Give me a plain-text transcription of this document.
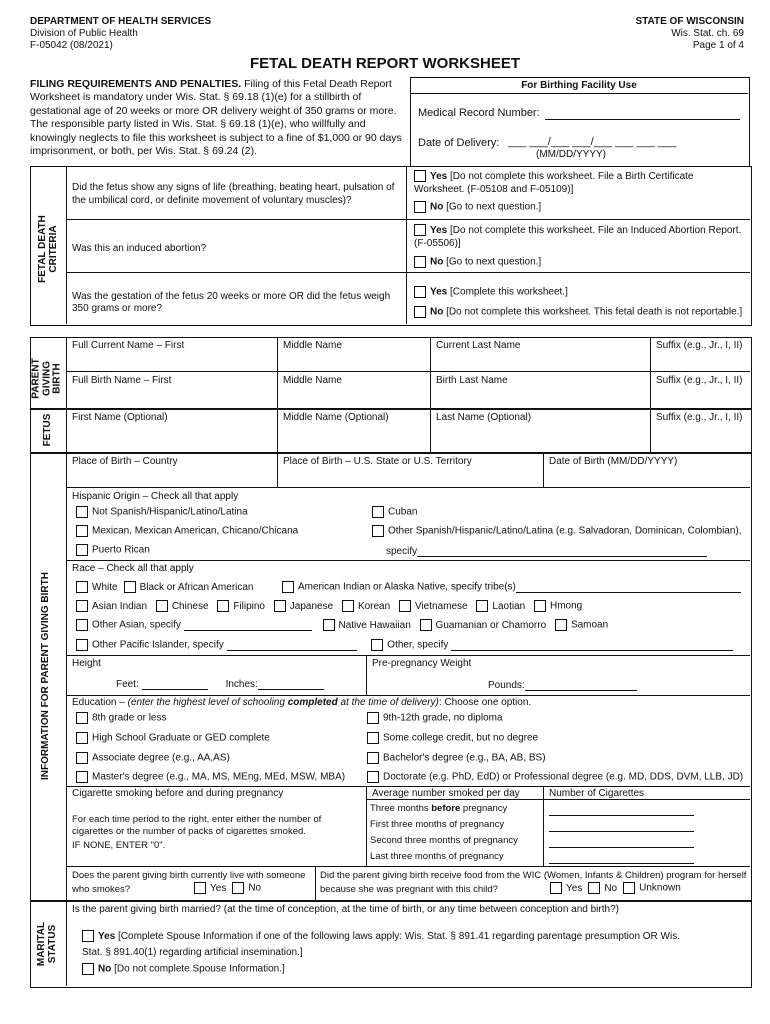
DEPARTMENT OF HEALTH SERVICES
Division of Public Health
F-05042 (08/2021)
STATE OF WISCONSIN
Wis. Stat. ch. 69
Page 1 of 4
FETAL DEATH REPORT WORKSHEET
FILING REQUIREMENTS AND PENALTIES. Filing of this Fetal Death Report Worksheet is mandatory under Wis. Stat. § 69.18 (1)(e) for a stillbirth of gestational age of 20 weeks or more OR delivery weight of 350 grams or more. The responsible party listed in Wis. Stat. § 69.18 (1)(e), who willfully and knowingly neglects to file this worksheet is subject to a fine of $1,000 or 90 days imprisonment, or both, per Wis. Stat. § 69.24 (2).
For Birthing Facility Use
Medical Record Number:
Date of Delivery: ___ ___/___ ___/___ ___ ___ ___
(MM/DD/YYYY)
FETAL DEATH
CRITERIA
Did the fetus show any signs of life (breathing, beating heart, pulsation of the umbilical cord, or definite movement of voluntary muscles)?
Yes [Do not complete this worksheet. File a Birth Certificate Worksheet. (F-05108 and F-05109)]
No [Go to next question.]
Was this an induced abortion?
Yes [Do not complete this worksheet. File an Induced Abortion Report. (F-05506)]
No [Go to next question.]
Was the gestation of the fetus 20 weeks or more OR did the fetus weigh 350 grams or more?
Yes [Complete this worksheet.]
No [Do not complete this worksheet. This fetal death is not reportable.]
PARENT
GIVING
BIRTH
Full Current Name – First	Middle Name	Current Last Name	Suffix (e.g., Jr., I, II)
Full Birth Name – First	Middle Name	Birth Last Name	Suffix (e.g., Jr., I, II)
FETUS First Name (Optional)	Middle Name (Optional)	Last Name (Optional)	Suffix (e.g., Jr., I, II)
INFORMATION FOR PARENT GIVING BIRTH
Place of Birth – Country	Place of Birth – U.S. State or U.S. Territory	Date of Birth (MM/DD/YYYY)
Hispanic Origin – Check all that apply
Not Spanish/Hispanic/Latino/Latina	Cuban
Mexican, Mexican American, Chicano/Chicana	Other Spanish/Hispanic/Latino/Latina (e.g. Salvadoran, Dominican, Colombian),
Puerto Rican	specify
Race – Check all that apply
White Black or African American	American Indian or Alaska Native, specify tribe(s)
Asian Indian Chinese Filipino Japanese Korean Vietnamese Laotian Hmong
Other Asian, specify	Native Hawaiian Guamanian or Chamorro Samoan
Other Pacific Islander, specify	Other, specify
Height
Feet:	Inches:
Pre-pregnancy Weight
Pounds:
Education – (enter the highest level of schooling completed at the time of delivery): Choose one option.
8th grade or less	9th-12th grade, no diploma
High School Graduate or GED complete	Some college credit, but no degree
Associate degree (e.g., AA,AS)	Bachelor's degree (e.g., BA, AB, BS)
Master's degree (e.g., MA, MS, MEng, MEd, MSW, MBA)	Doctorate (e.g. PhD, EdD) or Professional degree (e.g. MD, DDS, DVM, LLB, JD)
Cigarette smoking before and during pregnancy
For each time period to the right, enter either the number of cigarettes or the number of packs of cigarettes smoked.
IF NONE, ENTER "0".
Average number smoked per day	Number of Cigarettes
Three months before pregnancy
First three months of pregnancy
Second three months of pregnancy
Last three months of pregnancy
Does the parent giving birth currently live with someone who smokes?	Yes No
Did the parent giving birth receive food from the WIC (Women, Infants & Children) program for herself because she was pregnant with this child?	Yes No Unknown
MARITAL
STATUS
Is the parent giving birth married? (at the time of conception, at the time of birth, or any time between conception and birth?)
Yes [Complete Spouse Information if one of the following laws apply: Wis. Stat. § 891.41 regarding parentage presumption OR Wis. Stat. § 891.40(1) regarding artificial insemination.]
No [Do not complete Spouse Information.]
